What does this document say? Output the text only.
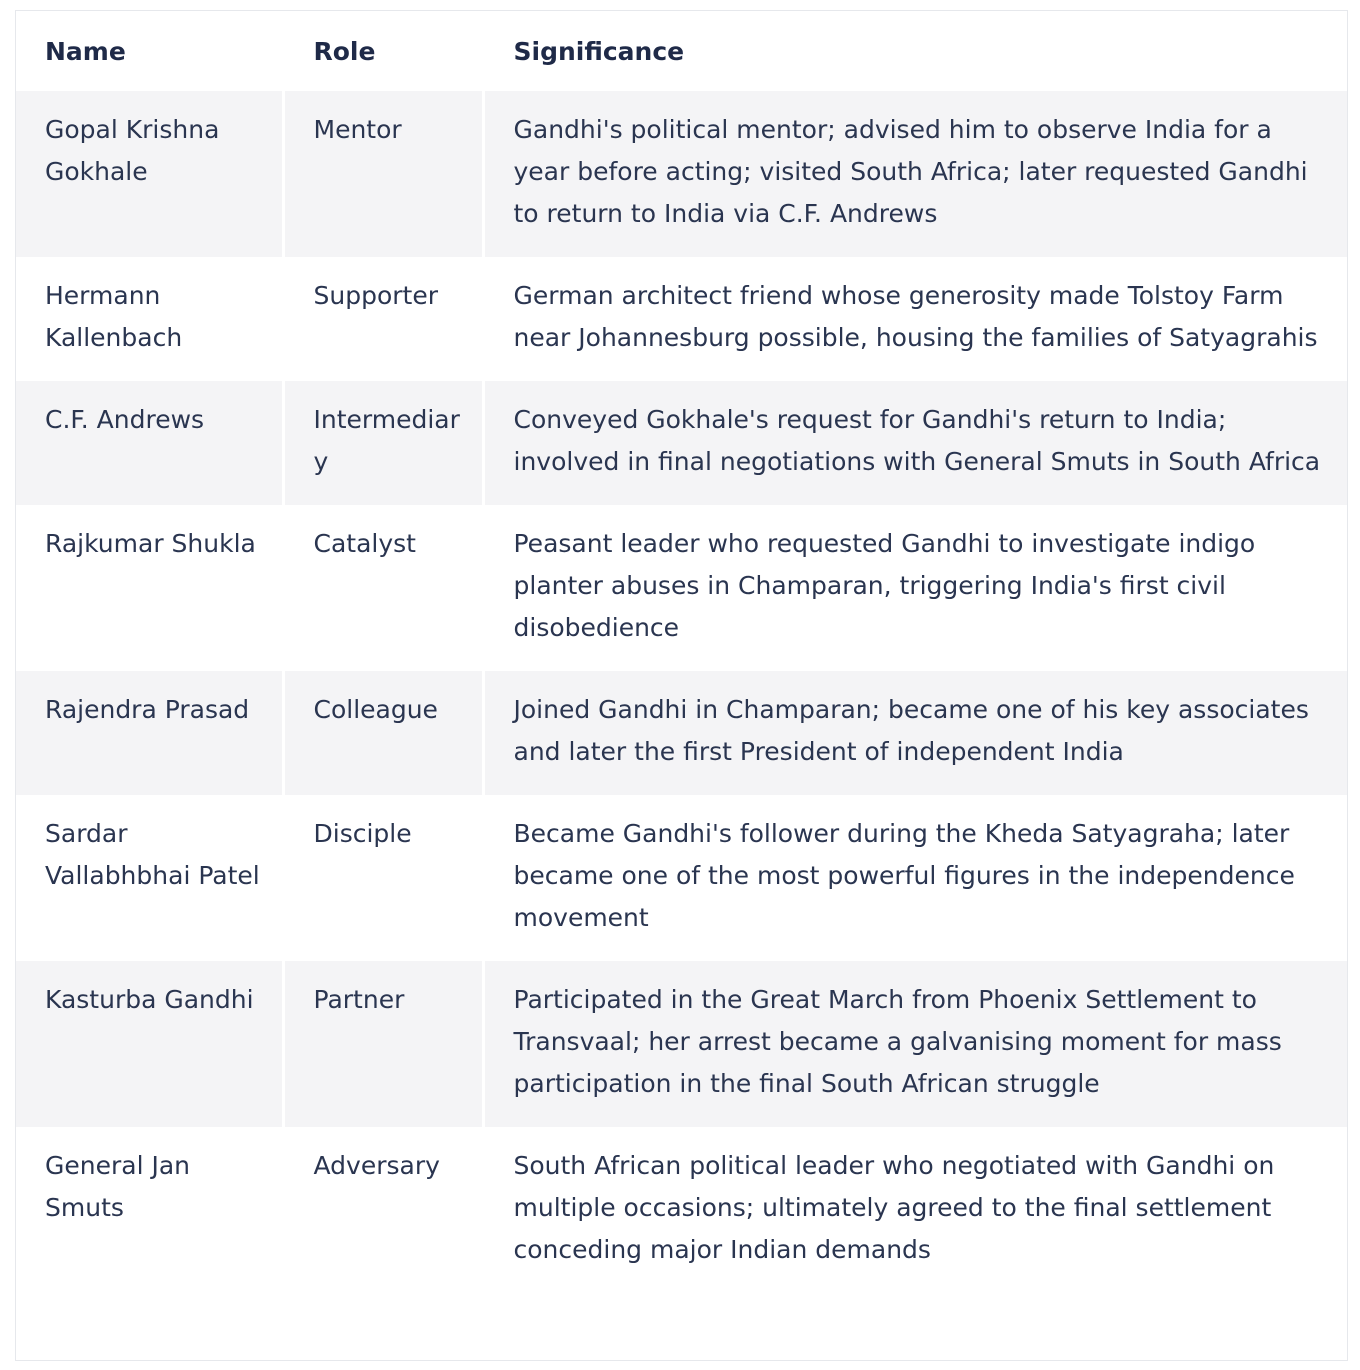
Name	Role	Significance
Gopal Krishna Gokhale	Mentor	Gandhi's political mentor; advised him to observe India for a year before acting; visited South Africa; later requested Gandhi to return to India via C.F. Andrews
Hermann Kallenbach	Supporter	German architect friend whose generosity made Tolstoy Farm near Johannesburg possible, housing the families of Satyagrahis
C.F. Andrews	Intermediary	Conveyed Gokhale's request for Gandhi's return to India; involved in final negotiations with General Smuts in South Africa
Rajkumar Shukla	Catalyst	Peasant leader who requested Gandhi to investigate indigo planter abuses in Champaran, triggering India's first civil disobedience
Rajendra Prasad	Colleague	Joined Gandhi in Champaran; became one of his key associates and later the first President of independent India
Sardar Vallabhbhai Patel	Disciple	Became Gandhi's follower during the Kheda Satyagraha; later became one of the most powerful figures in the independence movement
Kasturba Gandhi	Partner	Participated in the Great March from Phoenix Settlement to Transvaal; her arrest became a galvanising moment for mass participation in the final South African struggle
General Jan Smuts	Adversary	South African political leader who negotiated with Gandhi on multiple occasions; ultimately agreed to the final settlement conceding major Indian demands
